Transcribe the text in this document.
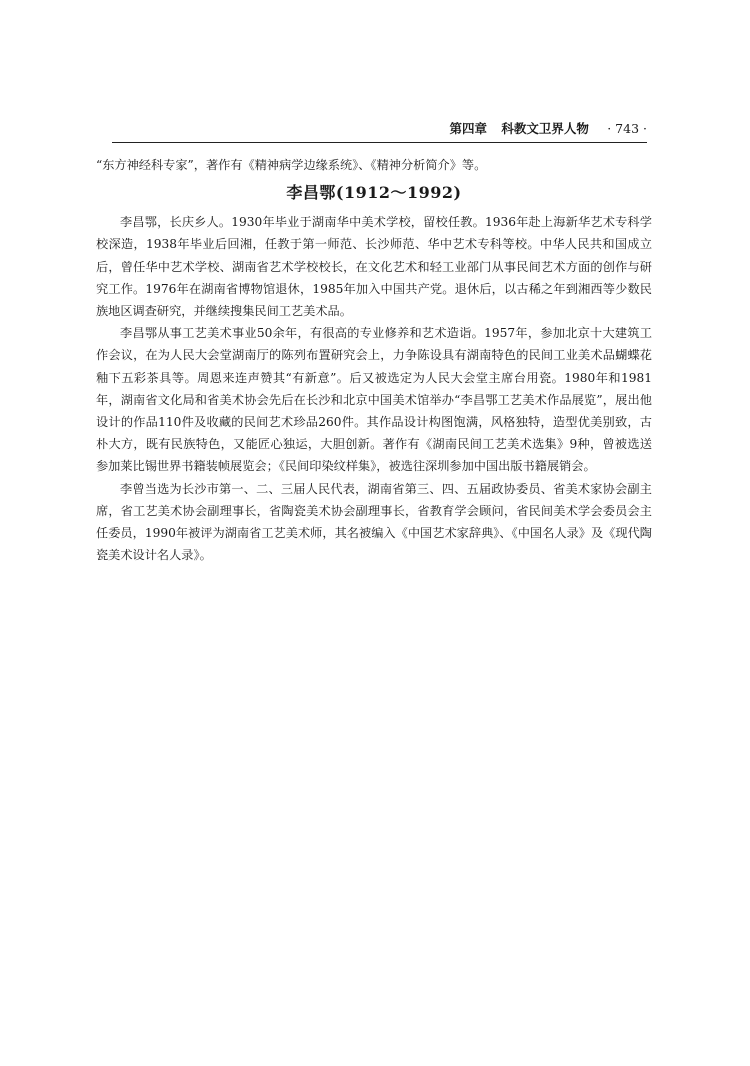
第四章 科教文卫界人物 · 743 ·

“东方神经科专家”，著作有《精神病学边缘系统》、《精神分析简介》等。

李昌鄂(1912～1992)

李昌鄂，长庆乡人。1930年毕业于湖南华中美术学校，留校任教。1936年赴上海新华艺术专科学校深造，1938年毕业后回湘，任教于第一师范、长沙师范、华中艺术专科等校。中华人民共和国成立后，曾任华中艺术学校、湖南省艺术学校校长，在文化艺术和轻工业部门从事民间艺术方面的创作与研究工作。1976年在湖南省博物馆退休，1985年加入中国共产党。退休后，以古稀之年到湘西等少数民族地区调查研究，并继续搜集民间工艺美术品。

李昌鄂从事工艺美术事业50余年，有很高的专业修养和艺术造诣。1957年，参加北京十大建筑工作会议，在为人民大会堂湖南厅的陈列布置研究会上，力争陈设具有湖南特色的民间工业美术品蝴蝶花釉下五彩茶具等。周恩来连声赞其“有新意”。后又被选定为人民大会堂主席台用瓷。1980年和1981年，湖南省文化局和省美术协会先后在长沙和北京中国美术馆举办“李昌鄂工艺美术作品展览”，展出他设计的作品110件及收藏的民间艺术珍品260件。其作品设计构图饱满，风格独特，造型优美别致，古朴大方，既有民族特色，又能匠心独运，大胆创新。著作有《湖南民间工艺美术选集》9种，曾被选送参加莱比锡世界书籍装帧展览会；《民间印染纹样集》，被选往深圳参加中国出版书籍展销会。

李曾当选为长沙市第一、二、三届人民代表，湖南省第三、四、五届政协委员、省美术家协会副主席，省工艺美术协会副理事长，省陶瓷美术协会副理事长，省教育学会顾问，省民间美术学会委员会主任委员，1990年被评为湖南省工艺美术师，其名被编入《中国艺术家辞典》、《中国名人录》及《现代陶瓷美术设计名人录》。
